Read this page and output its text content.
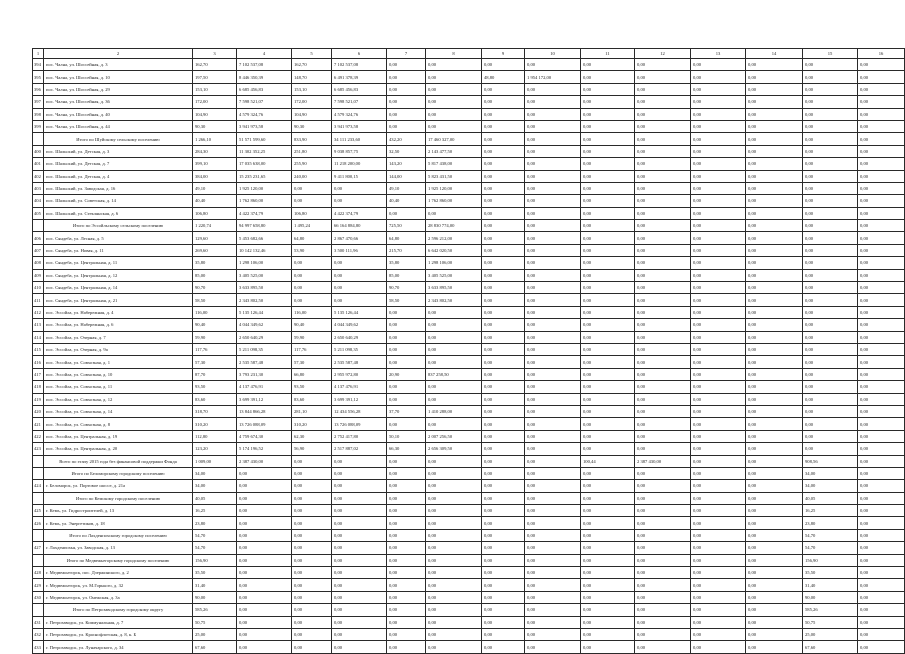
1	2	3	4	5	6	7	8	9	10	11	12	13	14	15	16
394	пос. Чална, ул. Шоссейная, д. 3	162,70	7 102 537,08	162,70	7 102 537,08	0,00	0,00	0,00	0,00	0,00	0,00	0,00	0,00	0,00	0,00
395	пос. Чална, ул. Шоссейная, д. 10	197,50	8 446 350,39	148,70	6 491 378,39	0,00	0,00	48,80	1 954 172,00	0,00	0,00	0,00	0,00	0,00	0,00
396	пос. Чална, ул. Шоссейная, д. 29	153,10	6 685 456,83	153,10	6 685 456,83	0,00	0,00	0,00	0,00	0,00	0,00	0,00	0,00	0,00	0,00
397	пос. Чална, ул. Шоссейная, д. 36	172,00	7 598 521,07	172,00	7 598 521,07	0,00	0,00	0,00	0,00	0,00	0,00	0,00	0,00	0,00	0,00
398	пос. Чална, ул. Шоссейная, д. 40	104,90	4 579 324,76	104,90	4 579 324,76	0,00	0,00	0,00	0,00	0,00	0,00	0,00	0,00	0,00	0,00
399	пос. Чална, ул. Шоссейная, д. 44	90,30	3 941 973,58	90,30	3 941 973,58	0,00	0,00	0,00	0,00	0,00	0,00	0,00	0,00	0,00	0,00
	Итого по Шуйскому сельскому поселению	1 266,10	51 571 599,60	833,90	34 111 233,60	432,20	17 460 327,00	0,00	0,00	0,00	0,00	0,00	0,00	0,00	0,00
400	пос. Шальский, ул. Детская, д. 3	284,30	11 302 352,25	251,80	9 038 857,75	32,50	2 143 477,50	0,00	0,00	0,00	0,00	0,00	0,00	0,00	0,00
401	пос. Шальский, ул. Детская, д. 7	399,10	17 035 638,00	255,90	11 218 200,00	143,20	5 817 438,00	0,00	0,00	0,00	0,00	0,00	0,00	0,00	0,00
402	пос. Шальский, ул. Детская, д. 4	384,00	15 235 231,65	240,00	9 411 800,15	144,00	5 823 431,50	0,00	0,00	0,00	0,00	0,00	0,00	0,00	0,00
403	пос. Шальский, ул. Заводская, д. 16	49,10	1 925 120,00	0,00	0,00	49,10	1 925 120,00	0,00	0,00	0,00	0,00	0,00	0,00	0,00	0,00
404	пос. Шальский, ул. Советская, д. 14	40,40	1 762 860,00	0,00	0,00	40,40	1 762 860,00	0,00	0,00	0,00	0,00	0,00	0,00	0,00	0,00
405	пос. Шальский, ул. Стеклянская, д. 6	106,80	4 422 374,79	106,80	4 422 374,79	0,00	0,00	0,00	0,00	0,00	0,00	0,00	0,00	0,00	0,00
	Итого по Эссойльскому сельскому поселению	1 220,74	94 997 658,80	1 495,24	66 164 884,80	725,50	28 830 774,00	0,00	0,00	0,00	0,00	0,00	0,00	0,00	0,00
406	пос. Сяндеба, ул. Лесная, д. 5	129,60	5 453 682,66	64,80	2 867 470,66	64,80	2 596 212,00	0,00	0,00	0,00	0,00	0,00	0,00	0,00	0,00
407	пос. Сяндеба, ул. Новая, д. 11	269,60	10 142 132,46	53,90	3 500 111,96	215,70	6 642 020,50	0,00	0,00	0,00	0,00	0,00	0,00	0,00	0,00
408	пос. Сяндеба, ул. Центральная, д. 11	35,80	1 298 106,00	0,00	0,00	35,80	1 298 106,00	0,00	0,00	0,00	0,00	0,00	0,00	0,00	0,00
409	пос. Сяндеба, ул. Центральная, д. 12	85,00	3 405 525,00	0,00	0,00	85,00	3 405 525,00	0,00	0,00	0,00	0,00	0,00	0,00	0,00	0,00
410	пос. Сяндеба, ул. Центральная, д. 14	90,70	3 633 895,50	0,00	0,00	90,70	3 633 895,50	0,00	0,00	0,00	0,00	0,00	0,00	0,00	0,00
411	пос. Сяндеба, ул. Центральная, д. 21	58,50	2 343 802,50	0,00	0,00	58,50	2 343 802,50	0,00	0,00	0,00	0,00	0,00	0,00	0,00	0,00
412	пос. Эссойла, ул. Набережная, д. 4	116,00	5 135 126,44	116,00	5 135 126,44	0,00	0,00	0,00	0,00	0,00	0,00	0,00	0,00	0,00	0,00
413	пос. Эссойла, ул. Набережная, д. 6	90,40	4 044 349,62	90,40	4 044 349,62	0,00	0,00	0,00	0,00	0,00	0,00	0,00	0,00	0,00	0,00
414	пос. Эссойла, ул. Озерная, д. 7	59,90	2 650 640,29	59,90	2 650 640,29	0,00	0,00	0,00	0,00	0,00	0,00	0,00	0,00	0,00	0,00
415	пос. Эссойла, ул. Озерная, д. 9а	117,76	5 211 098,35	117,76	5 211 098,35	0,00	0,00	0,00	0,00	0,00	0,00	0,00	0,00	0,00	0,00
416	пос. Эссойла, ул. Совхозная, д. 1	57,30	2 535 587,48	57,30	2 535 587,48	0,00	0,00	0,00	0,00	0,00	0,00	0,00	0,00	0,00	0,00
417	пос. Эссойла, ул. Совхозная, д. 10	87,70	3 793 231,30	66,80	2 955 972,80	20,90	837 258,50	0,00	0,00	0,00	0,00	0,00	0,00	0,00	0,00
418	пос. Эссойла, ул. Совхозная, д. 11	93,50	4 137 476,91	93,50	4 137 476,91	0,00	0,00	0,00	0,00	0,00	0,00	0,00	0,00	0,00	0,00
419	пос. Эссойла, ул. Совхозная, д. 12	83,60	3 699 391,12	83,60	3 699 391,12	0,00	0,00	0,00	0,00	0,00	0,00	0,00	0,00	0,00	0,00
420	пос. Эссойла, ул. Совхозная, д. 14	318,70	13 844 866,28	281,10	12 434 556,28	37,70	1 410 288,00	0,00	0,00	0,00	0,00	0,00	0,00	0,00	0,00
421	пос. Эссойла, ул. Совхозная, д. 8	310,20	13 726 088,09	310,20	13 726 088,09	0,00	0,00	0,00	0,00	0,00	0,00	0,00	0,00	0,00	0,00
422	пос. Эссойла, ул. Центральная, д. 19	112,80	4 759 674,30	62,30	2 752 417,80	50,10	2 007 256,50	0,00	0,00	0,00	0,00	0,00	0,00	0,00	0,00
423	пос. Эссойла, ул. Центральная, д. 20	123,20	5 174 196,52	56,90	2 517 887,02	66,30	2 656 309,50	0,00	0,00	0,00	0,00	0,00	0,00	0,00	0,00
	Всего по этапу 2015 года без финансовой поддержки Фонда	1 009,00	2 387 430,00	0,00	0,00	0,00	0,00	0,00	0,00	100,44	2 387 430,00	0,00	0,00	908,56	0,00
	Итого по Беломорскому городскому поселению	34,00	0,00	0,00	0,00	0,00	0,00	0,00	0,00	0,00	0,00	0,00	0,00	34,00	0,00
424	г. Беломорск, ул. Портовое шоссе, д. 21а	34,00	0,00	0,00	0,00	0,00	0,00	0,00	0,00	0,00	0,00	0,00	0,00	34,00	0,00
	Итого по Кемскому городскому поселению	40,05	0,00	0,00	0,00	0,00	0,00	0,00	0,00	0,00	0,00	0,00	0,00	40,05	0,00
425	г. Кемь, ул. Гидростроителей, д. 13	16,25	0,00	0,00	0,00	0,00	0,00	0,00	0,00	0,00	0,00	0,00	0,00	16,25	0,00
426	г. Кемь, ул. Энергетиков, д. 18	23,80	0,00	0,00	0,00	0,00	0,00	0,00	0,00	0,00	0,00	0,00	0,00	23,80	0,00
	Итого по Лахденпохскому городскому поселению	54,70	0,00	0,00	0,00	0,00	0,00	0,00	0,00	0,00	0,00	0,00	0,00	54,70	0,00
427	г. Лахденпохья, ул. Заводская, д. 13	54,70	0,00	0,00	0,00	0,00	0,00	0,00	0,00	0,00	0,00	0,00	0,00	54,70	0,00
	Итого по Медвежьегорскому городскому поселению	156,90	0,00	0,00	0,00	0,00	0,00	0,00	0,00	0,00	0,00	0,00	0,00	156,90	0,00
428	г. Медвежьегорск, пос. Дзержинского, д. 2	35,50	0,00	0,00	0,00	0,00	0,00	0,00	0,00	0,00	0,00	0,00	0,00	35,50	0,00
429	г. Медвежьегорск, ул. М.Горького, д. 32	31,40	0,00	0,00	0,00	0,00	0,00	0,00	0,00	0,00	0,00	0,00	0,00	31,40	0,00
430	г. Медвежьегорск, ул. Онежская, д. 3а	90,00	0,00	0,00	0,00	0,00	0,00	0,00	0,00	0,00	0,00	0,00	0,00	90,00	0,00
	Итого по Петрозаводскому городскому округу	585,26	0,00	0,00	0,00	0,00	0,00	0,00	0,00	0,00	0,00	0,00	0,00	585,26	0,00
431	г. Петрозаводск, ул. Коммунальная, д. 7	50,75	0,00	0,00	0,00	0,00	0,00	0,00	0,00	0,00	0,00	0,00	0,00	50,75	0,00
432	г. Петрозаводск, ул. Краснофлотская, д. 8, к. Б	25,00	0,00	0,00	0,00	0,00	0,00	0,00	0,00	0,00	0,00	0,00	0,00	25,00	0,00
433	г. Петрозаводск, ул. Луначарского, д. 34	67,60	0,00	0,00	0,00	0,00	0,00	0,00	0,00	0,00	0,00	0,00	0,00	67,60	0,00
